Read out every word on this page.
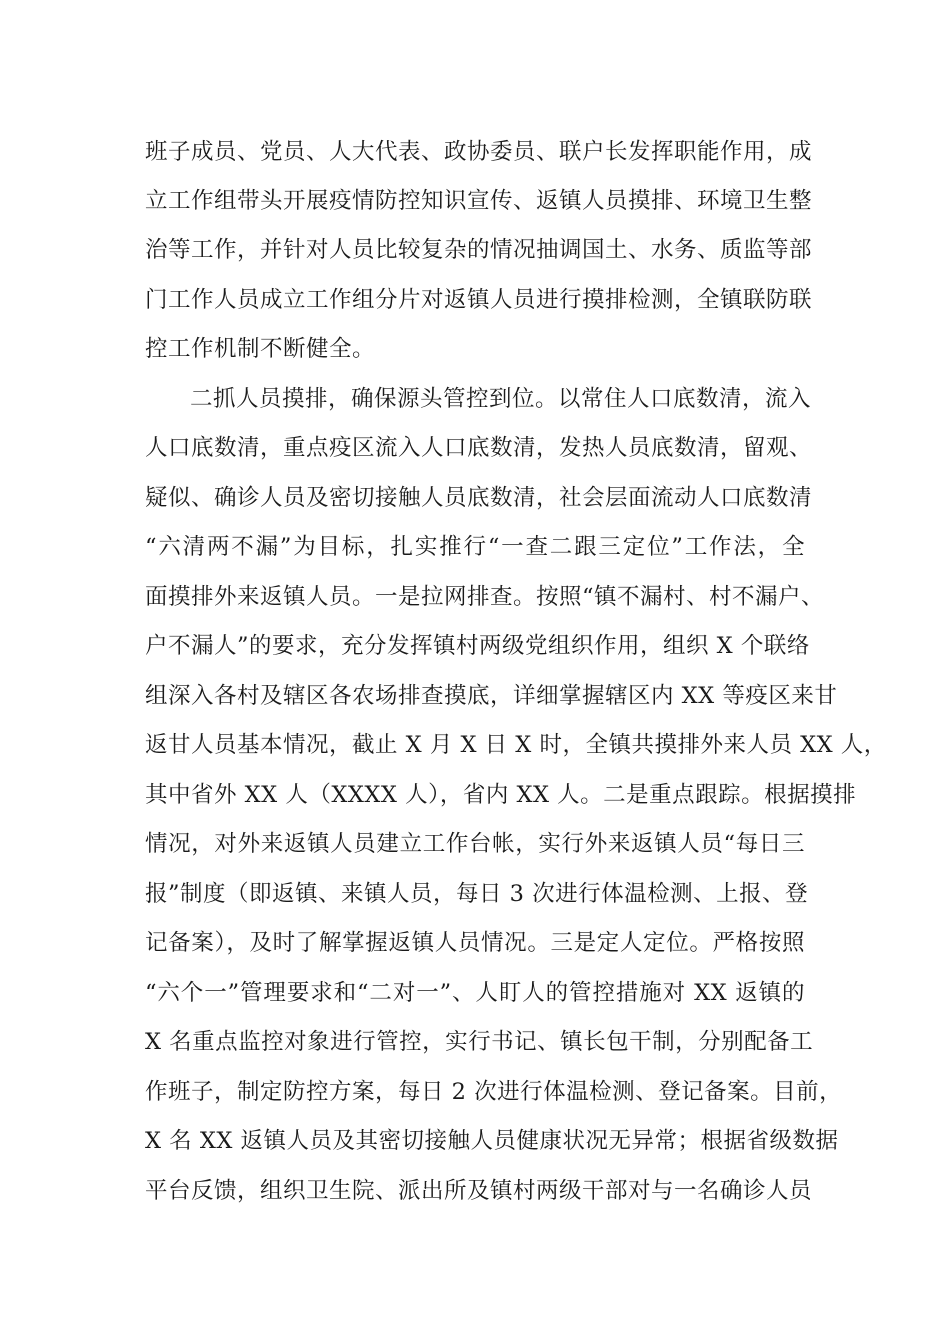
班子成员、党员、人大代表、政协委员、联户长发挥职能作用，成
立工作组带头开展疫情防控知识宣传、返镇人员摸排、环境卫生整
治等工作，并针对人员比较复杂的情况抽调国土、水务、质监等部
门工作人员成立工作组分片对返镇人员进行摸排检测，全镇联防联
控工作机制不断健全。
二抓人员摸排，确保源头管控到位。以常住人口底数清，流入
人口底数清，重点疫区流入人口底数清，发热人员底数清，留观、
疑似、确诊人员及密切接触人员底数清，社会层面流动人口底数清
“六清两不漏”为目标，扎实推行“一查二跟三定位”工作法，全
面摸排外来返镇人员。一是拉网排查。按照“镇不漏村、村不漏户、
户不漏人”的要求，充分发挥镇村两级党组织作用，组织 X 个联络
组深入各村及辖区各农场排查摸底，详细掌握辖区内 XX 等疫区来甘
返甘人员基本情况，截止 X 月 X 日 X 时，全镇共摸排外来人员 XX 人，
其中省外 XX 人（XXXX 人），省内 XX 人。二是重点跟踪。根据摸排
情况，对外来返镇人员建立工作台帐，实行外来返镇人员“每日三
报”制度（即返镇、来镇人员，每日 3 次进行体温检测、上报、登
记备案），及时了解掌握返镇人员情况。三是定人定位。严格按照
“六个一”管理要求和“二对一”、人盯人的管控措施对 XX 返镇的
X 名重点监控对象进行管控，实行书记、镇长包干制，分别配备工
作班子，制定防控方案，每日 2 次进行体温检测、登记备案。目前，
X 名 XX 返镇人员及其密切接触人员健康状况无异常；根据省级数据
平台反馈，组织卫生院、派出所及镇村两级干部对与一名确诊人员
